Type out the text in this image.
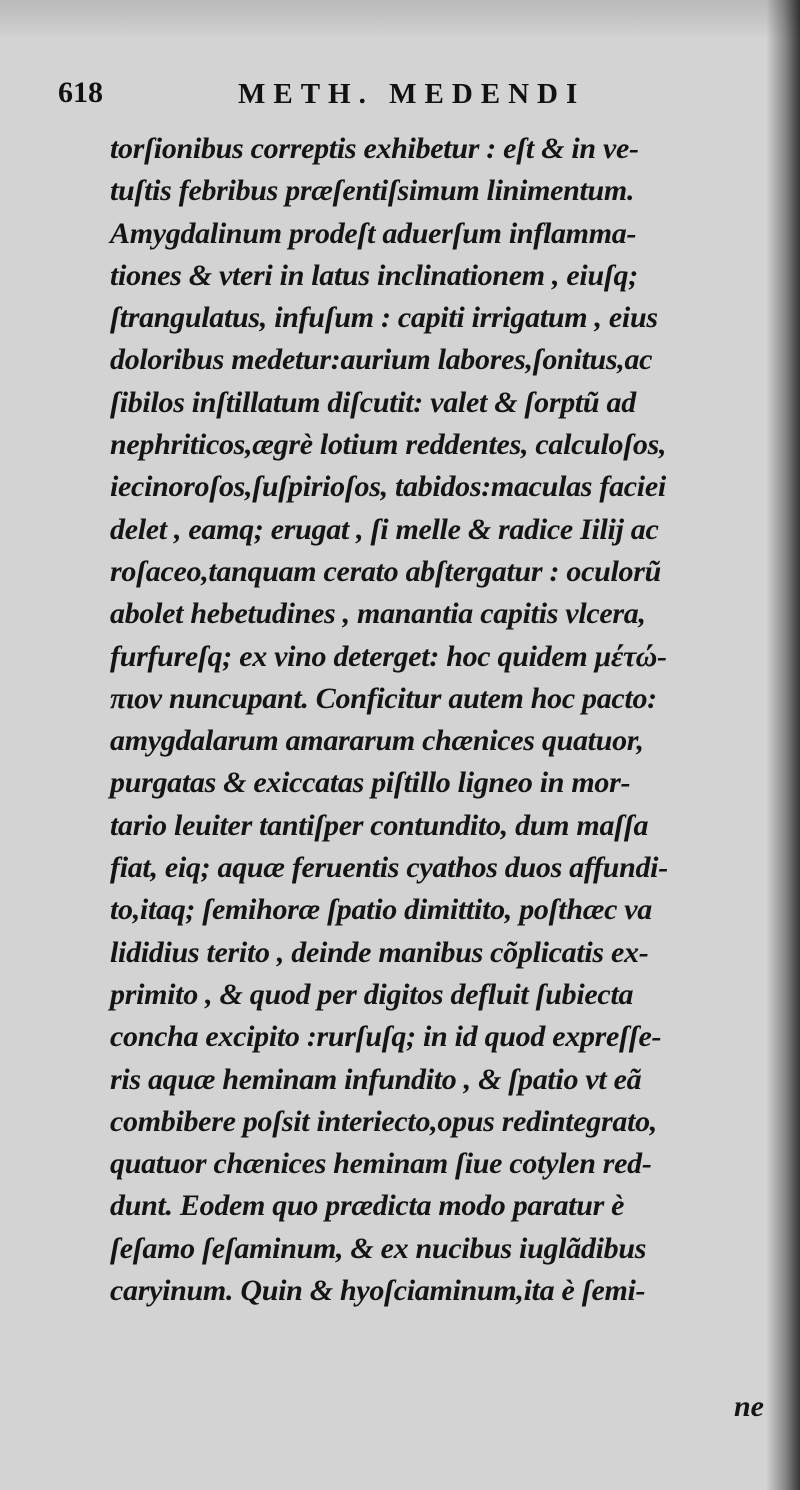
618	METH. MEDENDI
torſionibus correptis exhibetur : eſt & in ve-
tuſtis febribus præſentiſsimum linimentum.
Amygdalinum prodeſt aduerſum inflamma-
tiones & vteri in latus inclinationem , eiuſq;
ſtrangulatus, infuſum : capiti irrigatum , eius
doloribus medetur:aurium labores,ſonitus,ac
ſibilos inſtillatum diſcutit: valet & ſorptũ ad
nephriticos,ægrè lotium reddentes, calculoſos,
iecinoroſos,ſuſpirioſos, tabidos:maculas faciei
delet , eamq; erugat , ſi melle & radice Iilij ac
roſaceo,tanquam cerato abſtergatur : oculorũ
abolet hebetudines , manantia capitis vlcera,
furfureſq; ex vino deterget: hoc quidem μέτώ-
πιον nuncupant. Conficitur autem hoc pacto:
amygdalarum amararum chænices quatuor,
purgatas & exiccatas piſtillo ligneo in mor-
tario leuiter tantiſper contundito, dum maſſa
fiat, eiq; aquæ feruentis cyathos duos affundi-
to,itaq; ſemihoræ ſpatio dimittito, poſthæc va
lididius terito , deinde manibus cõplicatis ex-
primito , & quod per digitos defluit ſubiecta
concha excipito :rurſuſq; in id quod expreſſe-
ris aquæ heminam infundito , & ſpatio vt eã
combibere poſsit interiecto,opus redintegrato,
quatuor chænices heminam ſiue cotylen red-
dunt. Eodem quo prædicta modo paratur è
ſeſamo ſeſaminum, & ex nucibus iuglãdibus
caryinum. Quin & hyoſciaminum,ita è ſemi-
ne
